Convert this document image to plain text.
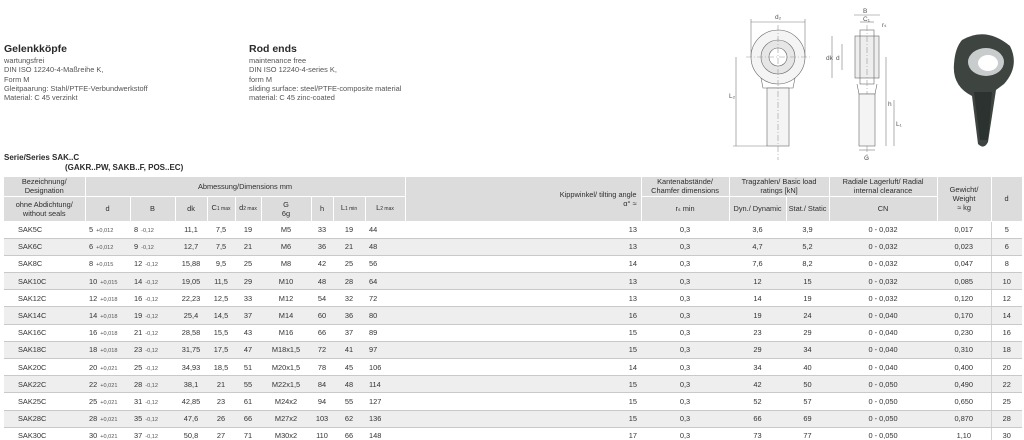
Gelenkköpfe
wartungsfrei
DIN ISO 12240-4-Maßreihe K,
Form M
Gleitpaarung: Stahl/PTFE-Verbundwerkstoff
Material: C 45 verzinkt
Rod ends
maintenance free
DIN ISO 12240-4-series K,
form M
sliding surface: steel/PTFE-composite material
material: C 45 zinc-coated
d₂
B
C₁
rₛ
dk d
L₂
L₁
h
G
Serie/Series SAK..C
(GAKR..PW, SAKB..F, POS..EC)
Bezeichnung/ Designation	Abmessung/Dimensions mm									Kippwinkel/ tilting angle
α° ≈	Kantenabstände/ Chamfer dimensions	Tragzahlen/ Basic load ratings [kN]		Radiale Lagerluft/ Radial internal clearance	Gewicht/ Weight
≈ kg	d
ohne Abdichtung/ without seals	d	B	dk	C1 max	d2 max	G
6g	h	L1 min	L2 max		rₛ min	Dyn./ Dynamic	Stat./ Static	CN		
SAK5C	5 +0,012	8 -0,12	11,1	7,5	19	M5	33	19	44	13	0,3	3,6	3,9	0 - 0,032	0,017	5
SAK6C	6 +0,012	9 -0,12	12,7	7,5	21	M6	36	21	48	13	0,3	4,7	5,2	0 - 0,032	0,023	6
SAK8C	8 +0,015	12 -0,12	15,88	9,5	25	M8	42	25	56	14	0,3	7,6	8,2	0 - 0,032	0,047	8
SAK10C	10 +0,015	14 -0,12	19,05	11,5	29	M10	48	28	64	13	0,3	12	15	0 - 0,032	0,085	10
SAK12C	12 +0,018	16 -0,12	22,23	12,5	33	M12	54	32	72	13	0,3	14	19	0 - 0,032	0,120	12
SAK14C	14 +0,018	19 -0,12	25,4	14,5	37	M14	60	36	80	16	0,3	19	24	0 - 0,040	0,170	14
SAK16C	16 +0,018	21 -0,12	28,58	15,5	43	M16	66	37	89	15	0,3	23	29	0 - 0,040	0,230	16
SAK18C	18 +0,018	23 -0,12	31,75	17,5	47	M18x1,5	72	41	97	15	0,3	29	34	0 - 0,040	0,310	18
SAK20C	20 +0,021	25 -0,12	34,93	18,5	51	M20x1,5	78	45	106	14	0,3	34	40	0 - 0,040	0,400	20
SAK22C	22 +0,021	28 -0,12	38,1	21	55	M22x1,5	84	48	114	15	0,3	42	50	0 - 0,050	0,490	22
SAK25C	25 +0,021	31 -0,12	42,85	23	61	M24x2	94	55	127	15	0,3	52	57	0 - 0,050	0,650	25
SAK28C	28 +0,021	35 -0,12	47,6	26	66	M27x2	103	62	136	15	0,3	66	69	0 - 0,050	0,870	28
SAK30C	30 +0,021	37 -0,12	50,8	27	71	M30x2	110	66	148	17	0,3	73	77	0 - 0,050	1,10	30
